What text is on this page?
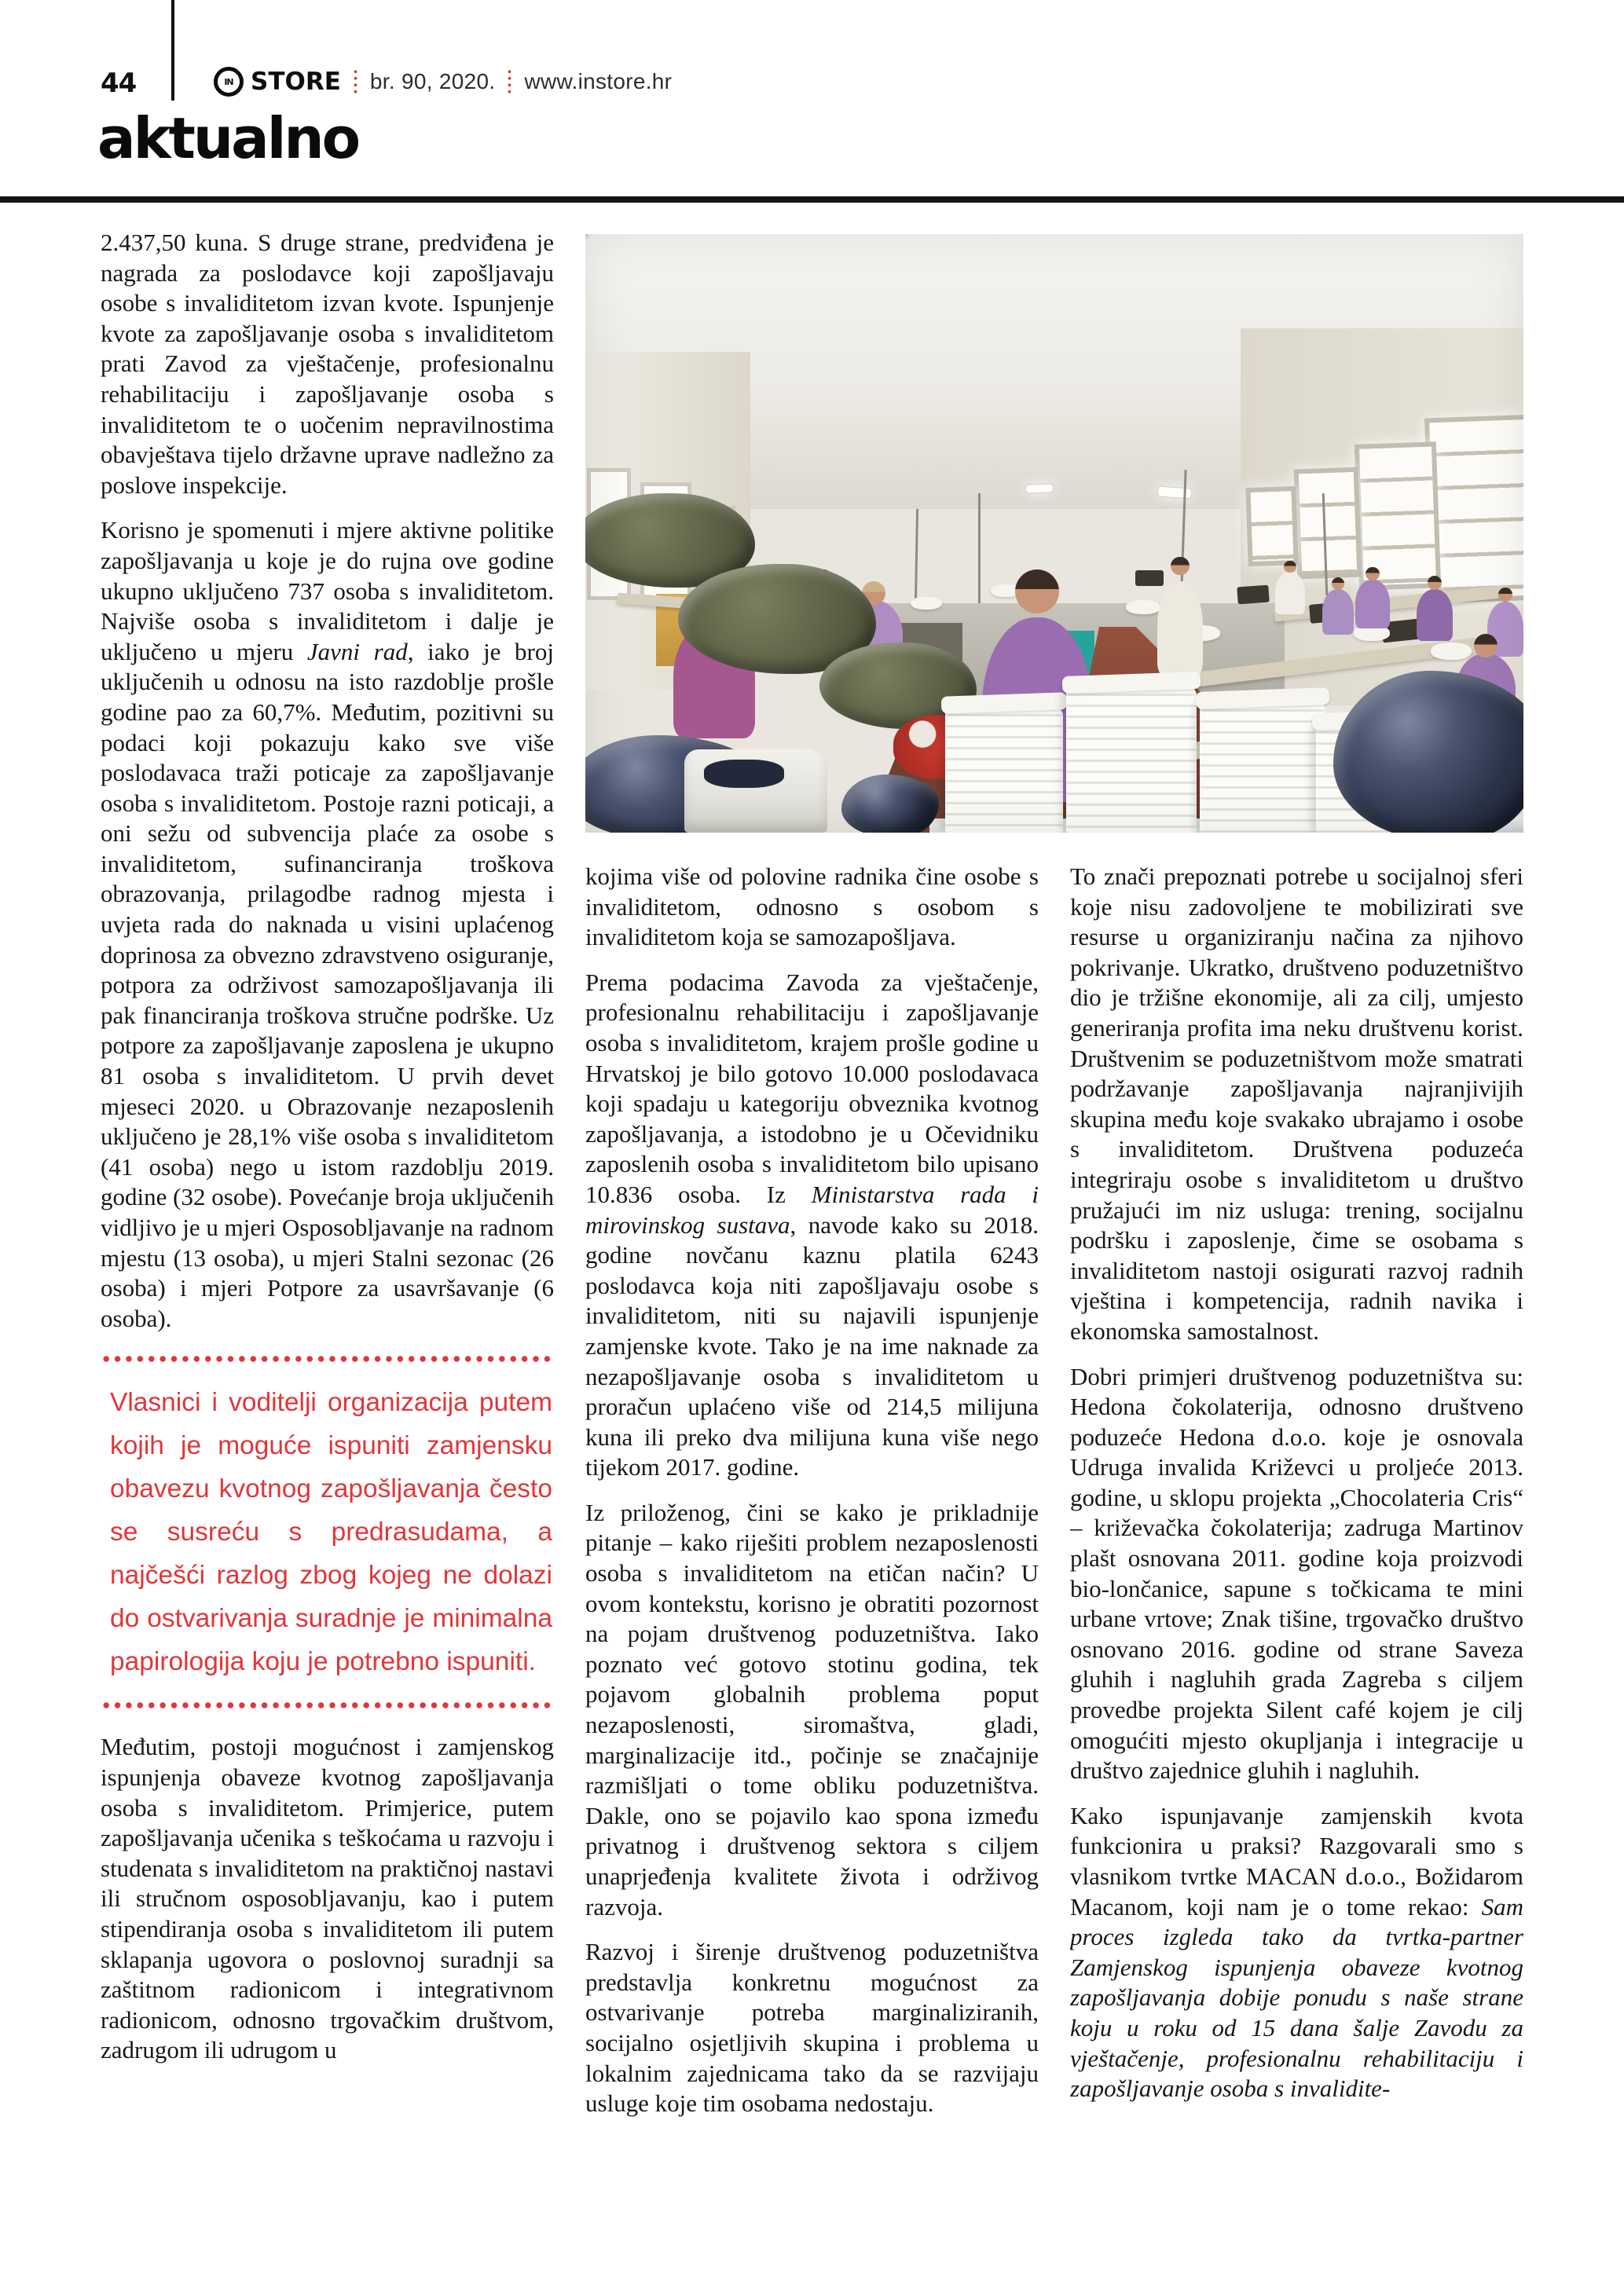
44	IN STORE br. 90, 2020. www.instore.hr
aktualno

2.437,50 kuna. S druge strane, predviđena je nagrada za poslodavce koji zapošljavaju osobe s invaliditetom izvan kvote. Ispunjenje kvote za zapošljavanje osoba s invaliditetom prati Zavod za vještačenje, profesionalnu rehabilitaciju i zapošljavanje osoba s invaliditetom te o uočenim nepravilnostima obavještava tijelo državne uprave nadležno za poslove inspekcije.

Korisno je spomenuti i mjere aktivne politike zapošljavanja u koje je do rujna ove godine ukupno uključeno 737 osoba s invaliditetom. Najviše osoba s invaliditetom i dalje je uključeno u mjeru Javni rad, iako je broj uključenih u odnosu na isto razdoblje prošle godine pao za 60,7%. Međutim, pozitivni su podaci koji pokazuju kako sve više poslodavaca traži poticaje za zapošljavanje osoba s invaliditetom. Postoje razni poticaji, a oni sežu od subvencija plaće za osobe s invaliditetom, sufinanciranja troškova obrazovanja, prilagodbe radnog mjesta i uvjeta rada do naknada u visini uplaćenog doprinosa za obvezno zdravstveno osiguranje, potpora za održivost samozapošljavanja ili pak financiranja troškova stručne podrške. Uz potpore za zapošljavanje zaposlena je ukupno 81 osoba s invaliditetom. U prvih devet mjeseci 2020. u Obrazovanje nezaposlenih uključeno je 28,1% više osoba s invaliditetom (41 osoba) nego u istom razdoblju 2019. godine (32 osobe). Povećanje broja uključenih vidljivo je u mjeri Osposobljavanje na radnom mjestu (13 osoba), u mjeri Stalni sezonac (26 osoba) i mjeri Potpore za usavršavanje (6 osoba).

Vlasnici i voditelji organizacija putem kojih je moguće ispuniti zamjensku obavezu kvotnog zapošljavanja često se susreću s predrasudama, a najčešći razlog zbog kojeg ne dolazi do ostvarivanja suradnje je minimalna papirologija koju je potrebno ispuniti.

Međutim, postoji mogućnost i zamjenskog ispunjenja obaveze kvotnog zapošljavanja osoba s invaliditetom. Primjerice, putem zapošljavanja učenika s teškoćama u razvoju i studenata s invaliditetom na praktičnoj nastavi ili stručnom osposobljavanju, kao i putem stipendiranja osoba s invaliditetom ili putem sklapanja ugovora o poslovnoj suradnji sa zaštitnom radionicom i integrativnom radionicom, odnosno trgovačkim društvom, zadrugom ili udrugom u

kojima više od polovine radnika čine osobe s invaliditetom, odnosno s osobom s invaliditetom koja se samozapošljava.

Prema podacima Zavoda za vještačenje, profesionalnu rehabilitaciju i zapošljavanje osoba s invaliditetom, krajem prošle godine u Hrvatskoj je bilo gotovo 10.000 poslodavaca koji spadaju u kategoriju obveznika kvotnog zapošljavanja, a istodobno je u Očevidniku zaposlenih osoba s invaliditetom bilo upisano 10.836 osoba. Iz Ministarstva rada i mirovinskog sustava, navode kako su 2018. godine novčanu kaznu platila 6243 poslodavca koja niti zapošljavaju osobe s invaliditetom, niti su najavili ispunjenje zamjenske kvote. Tako je na ime naknade za nezapošljavanje osoba s invaliditetom u proračun uplaćeno više od 214,5 milijuna kuna ili preko dva milijuna kuna više nego tijekom 2017. godine.

Iz priloženog, čini se kako je prikladnije pitanje – kako riješiti problem nezaposlenosti osoba s invaliditetom na etičan način? U ovom kontekstu, korisno je obratiti pozornost na pojam društvenog poduzetništva. Iako poznato već gotovo stotinu godina, tek pojavom globalnih problema poput nezaposlenosti, siromaštva, gladi, marginalizacije itd., počinje se značajnije razmišljati o tome obliku poduzetništva. Dakle, ono se pojavilo kao spona između privatnog i društvenog sektora s ciljem unaprjeđenja kvalitete života i održivog razvoja.

Razvoj i širenje društvenog poduzetništva predstavlja konkretnu mogućnost za ostvarivanje potreba marginaliziranih, socijalno osjetljivih skupina i problema u lokalnim zajednicama tako da se razvijaju usluge koje tim osobama nedostaju.

To znači prepoznati potrebe u socijalnoj sferi koje nisu zadovoljene te mobilizirati sve resurse u organiziranju načina za njihovo pokrivanje. Ukratko, društveno poduzetništvo dio je tržišne ekonomije, ali za cilj, umjesto generiranja profita ima neku društvenu korist. Društvenim se poduzetništvom može smatrati podržavanje zapošljavanja najranjivijih skupina među koje svakako ubrajamo i osobe s invaliditetom. Društvena poduzeća integriraju osobe s invaliditetom u društvo pružajući im niz usluga: trening, socijalnu podršku i zaposlenje, čime se osobama s invaliditetom nastoji osigurati razvoj radnih vještina i kompetencija, radnih navika i ekonomska samostalnost.

Dobri primjeri društvenog poduzetništva su: Hedona čokolaterija, odnosno društveno poduzeće Hedona d.o.o. koje je osnovala Udruga invalida Križevci u proljeće 2013. godine, u sklopu projekta „Chocolateria Cris“ – križevačka čokolaterija; zadruga Martinov plašt osnovana 2011. godine koja proizvodi bio-lončanice, sapune s točkicama te mini urbane vrtove; Znak tišine, trgovačko društvo osnovano 2016. godine od strane Saveza gluhih i nagluhih grada Zagreba s ciljem provedbe projekta Silent café kojem je cilj omogućiti mjesto okupljanja i integracije u društvo zajednice gluhih i nagluhih.

Kako ispunjavanje zamjenskih kvota funkcionira u praksi? Razgovarali smo s vlasnikom tvrtke MACAN d.o.o., Božidarom Macanom, koji nam je o tome rekao: Sam proces izgleda tako da tvrtka-partner Zamjenskog ispunjenja obaveze kvotnog zapošljavanja dobije ponudu s naše strane koju u roku od 15 dana šalje Zavodu za vještačenje, profesionalnu rehabilitaciju i zapošljavanje osoba s invalidite-
